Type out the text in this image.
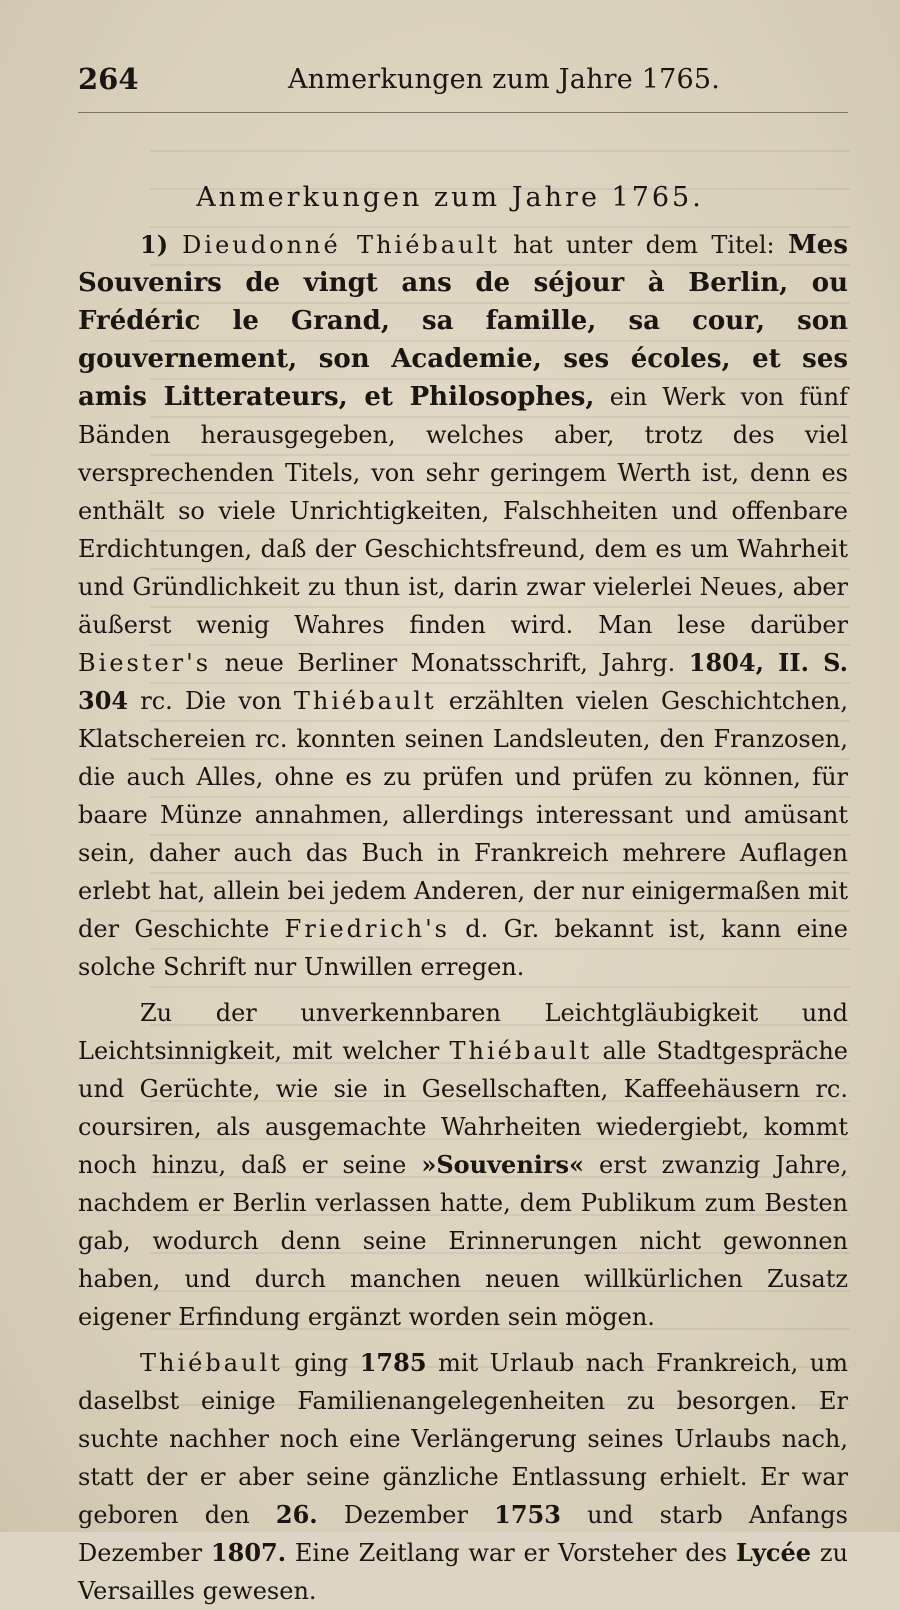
264	Anmerkungen zum Jahre 1765.
Anmerkungen zum Jahre 1765.

1) Dieudonné Thiébault hat unter dem Titel: Mes Souvenirs de vingt ans de séjour à Berlin, ou Frédéric le Grand, sa famille, sa cour, son gouvernement, son Academie, ses écoles, et ses amis Litterateurs, et Philosophes, ein Werk von fünf Bänden herausgegeben, welches aber, trotz des viel versprechenden Titels, von sehr geringem Werth ist, denn es enthält so viele Unrichtigkeiten, Falschheiten und offenbare Erdichtungen, daß der Geschichtsfreund, dem es um Wahrheit und Gründlichkeit zu thun ist, darin zwar vielerlei Neues, aber äußerst wenig Wahres finden wird. Man lese darüber Biester's neue Berliner Monatsschrift, Jahrg. 1804, II. S. 304 rc. Die von Thiébault erzählten vielen Geschichtchen, Klatschereien rc. konnten seinen Landsleuten, den Franzosen, die auch Alles, ohne es zu prüfen und prüfen zu können, für baare Münze annahmen, allerdings interessant und amüsant sein, daher auch das Buch in Frankreich mehrere Auflagen erlebt hat, allein bei jedem Anderen, der nur einigermaßen mit der Geschichte Friedrich's d. Gr. bekannt ist, kann eine solche Schrift nur Unwillen erregen.

Zu der unverkennbaren Leichtgläubigkeit und Leichtsinnigkeit, mit welcher Thiébault alle Stadtgespräche und Gerüchte, wie sie in Gesellschaften, Kaffeehäusern rc. coursiren, als ausgemachte Wahrheiten wiedergiebt, kommt noch hinzu, daß er seine »Souvenirs« erst zwanzig Jahre, nachdem er Berlin verlassen hatte, dem Publikum zum Besten gab, wodurch denn seine Erinnerungen nicht gewonnen haben, und durch manchen neuen willkürlichen Zusatz eigener Erfindung ergänzt worden sein mögen.

Thiébault ging 1785 mit Urlaub nach Frankreich, um daselbst einige Familienangelegenheiten zu besorgen. Er suchte nachher noch eine Verlängerung seines Urlaubs nach, statt der er aber seine gänzliche Entlassung erhielt. Er war geboren den 26. Dezember 1753 und starb Anfangs Dezember 1807. Eine Zeitlang war er Vorsteher des Lycée zu Versailles gewesen.
